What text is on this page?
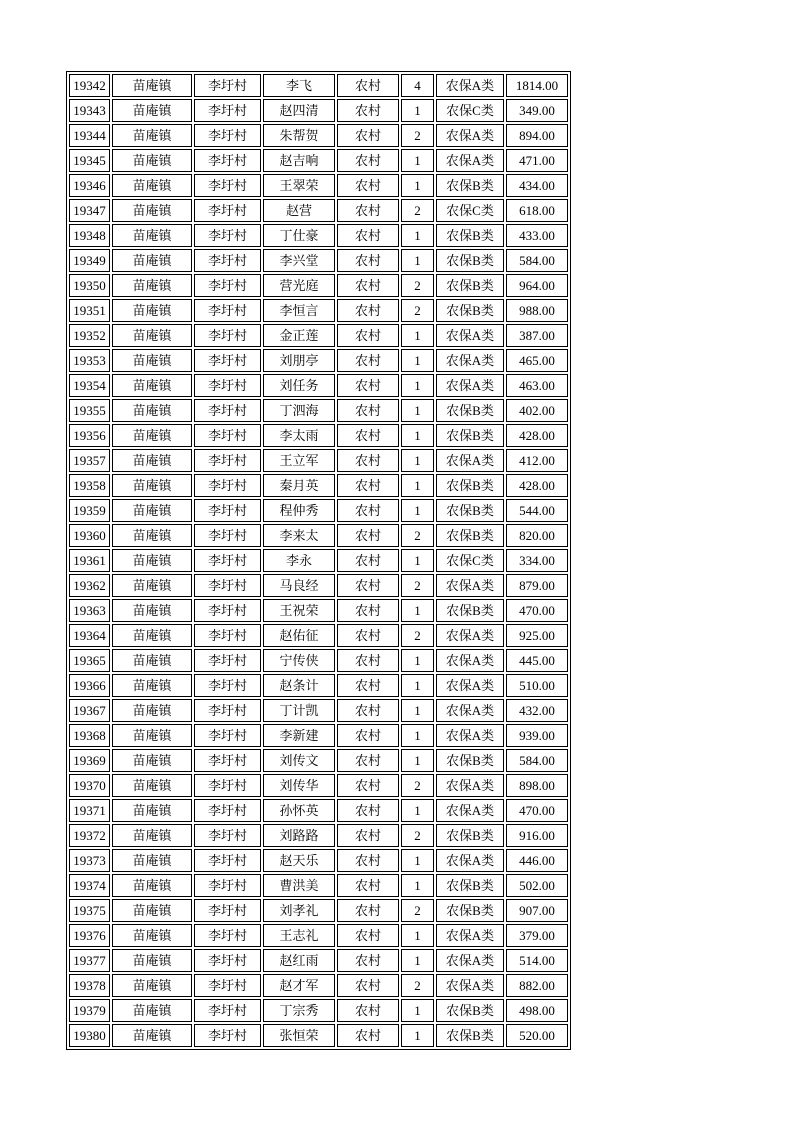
19342	苗庵镇	李圩村	李飞	农村	4	农保A类	1814.00
19343	苗庵镇	李圩村	赵四清	农村	1	农保C类	349.00
19344	苗庵镇	李圩村	朱帮贺	农村	2	农保A类	894.00
19345	苗庵镇	李圩村	赵吉响	农村	1	农保A类	471.00
19346	苗庵镇	李圩村	王翠荣	农村	1	农保B类	434.00
19347	苗庵镇	李圩村	赵营	农村	2	农保C类	618.00
19348	苗庵镇	李圩村	丁仕豪	农村	1	农保B类	433.00
19349	苗庵镇	李圩村	李兴堂	农村	1	农保B类	584.00
19350	苗庵镇	李圩村	营光庭	农村	2	农保B类	964.00
19351	苗庵镇	李圩村	李恒言	农村	2	农保B类	988.00
19352	苗庵镇	李圩村	金正莲	农村	1	农保A类	387.00
19353	苗庵镇	李圩村	刘朋亭	农村	1	农保A类	465.00
19354	苗庵镇	李圩村	刘任务	农村	1	农保A类	463.00
19355	苗庵镇	李圩村	丁泗海	农村	1	农保B类	402.00
19356	苗庵镇	李圩村	李太雨	农村	1	农保B类	428.00
19357	苗庵镇	李圩村	王立军	农村	1	农保A类	412.00
19358	苗庵镇	李圩村	秦月英	农村	1	农保B类	428.00
19359	苗庵镇	李圩村	程仲秀	农村	1	农保B类	544.00
19360	苗庵镇	李圩村	李来太	农村	2	农保B类	820.00
19361	苗庵镇	李圩村	李永	农村	1	农保C类	334.00
19362	苗庵镇	李圩村	马良经	农村	2	农保A类	879.00
19363	苗庵镇	李圩村	王祝荣	农村	1	农保B类	470.00
19364	苗庵镇	李圩村	赵佑征	农村	2	农保A类	925.00
19365	苗庵镇	李圩村	宁传侠	农村	1	农保A类	445.00
19366	苗庵镇	李圩村	赵条计	农村	1	农保A类	510.00
19367	苗庵镇	李圩村	丁计凯	农村	1	农保A类	432.00
19368	苗庵镇	李圩村	李新建	农村	1	农保A类	939.00
19369	苗庵镇	李圩村	刘传文	农村	1	农保B类	584.00
19370	苗庵镇	李圩村	刘传华	农村	2	农保A类	898.00
19371	苗庵镇	李圩村	孙怀英	农村	1	农保A类	470.00
19372	苗庵镇	李圩村	刘路路	农村	2	农保B类	916.00
19373	苗庵镇	李圩村	赵天乐	农村	1	农保A类	446.00
19374	苗庵镇	李圩村	曹洪美	农村	1	农保B类	502.00
19375	苗庵镇	李圩村	刘孝礼	农村	2	农保B类	907.00
19376	苗庵镇	李圩村	王志礼	农村	1	农保A类	379.00
19377	苗庵镇	李圩村	赵红雨	农村	1	农保A类	514.00
19378	苗庵镇	李圩村	赵才军	农村	2	农保A类	882.00
19379	苗庵镇	李圩村	丁宗秀	农村	1	农保B类	498.00
19380	苗庵镇	李圩村	张恒荣	农村	1	农保B类	520.00
